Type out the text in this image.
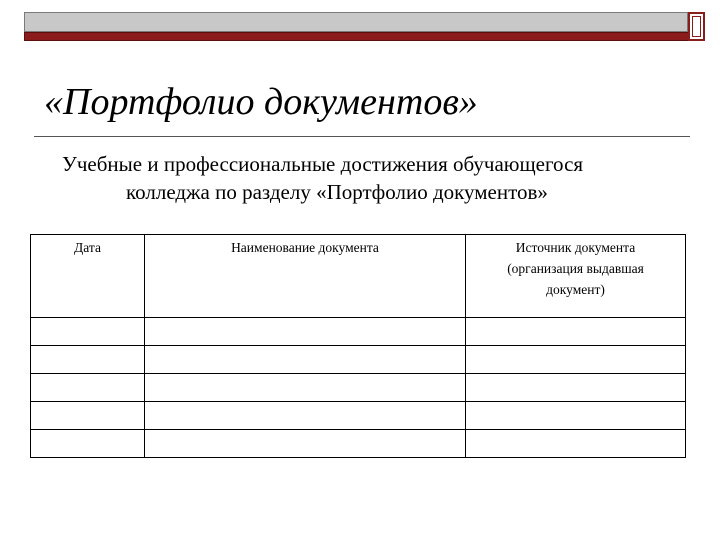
«Портфолио документов»
Учебные и профессиональные достижения обучающегося
колледжа по разделу «Портфолио документов»
Дата	Наименование документа	Источник документа
(организация выдавшая
документ)
